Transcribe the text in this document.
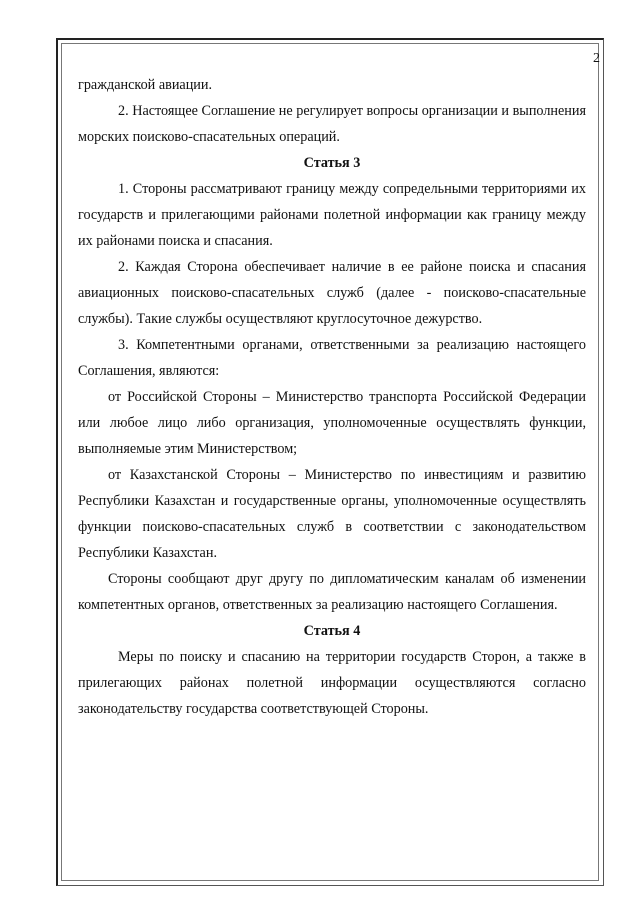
2

гражданской авиации.

2. Настоящее Соглашение не регулирует вопросы организации и выполнения морских поисково-спасательных операций.

Статья 3

1. Стороны рассматривают границу между сопредельными территориями их государств и прилегающими районами полетной информации как границу между их районами поиска и спасания.

2. Каждая Сторона обеспечивает наличие в ее районе поиска и спасания авиационных поисково-спасательных служб (далее - поисково-спасательные службы). Такие службы осуществляют круглосуточное дежурство.

3. Компетентными органами, ответственными за реализацию настоящего Соглашения, являются:

от Российской Стороны – Министерство транспорта Российской Федерации или любое лицо либо организация, уполномоченные осуществлять функции, выполняемые этим Министерством;

от Казахстанской Стороны – Министерство по инвестициям и развитию Республики Казахстан и государственные органы, уполномоченные осуществлять функции поисково-спасательных служб в соответствии с законодательством Республики Казахстан.

Стороны сообщают друг другу по дипломатическим каналам об изменении компетентных органов, ответственных за реализацию настоящего Соглашения.

Статья 4

Меры по поиску и спасанию на территории государств Сторон, а также в прилегающих районах полетной информации осуществляются согласно законодательству государства соответствующей Стороны.
